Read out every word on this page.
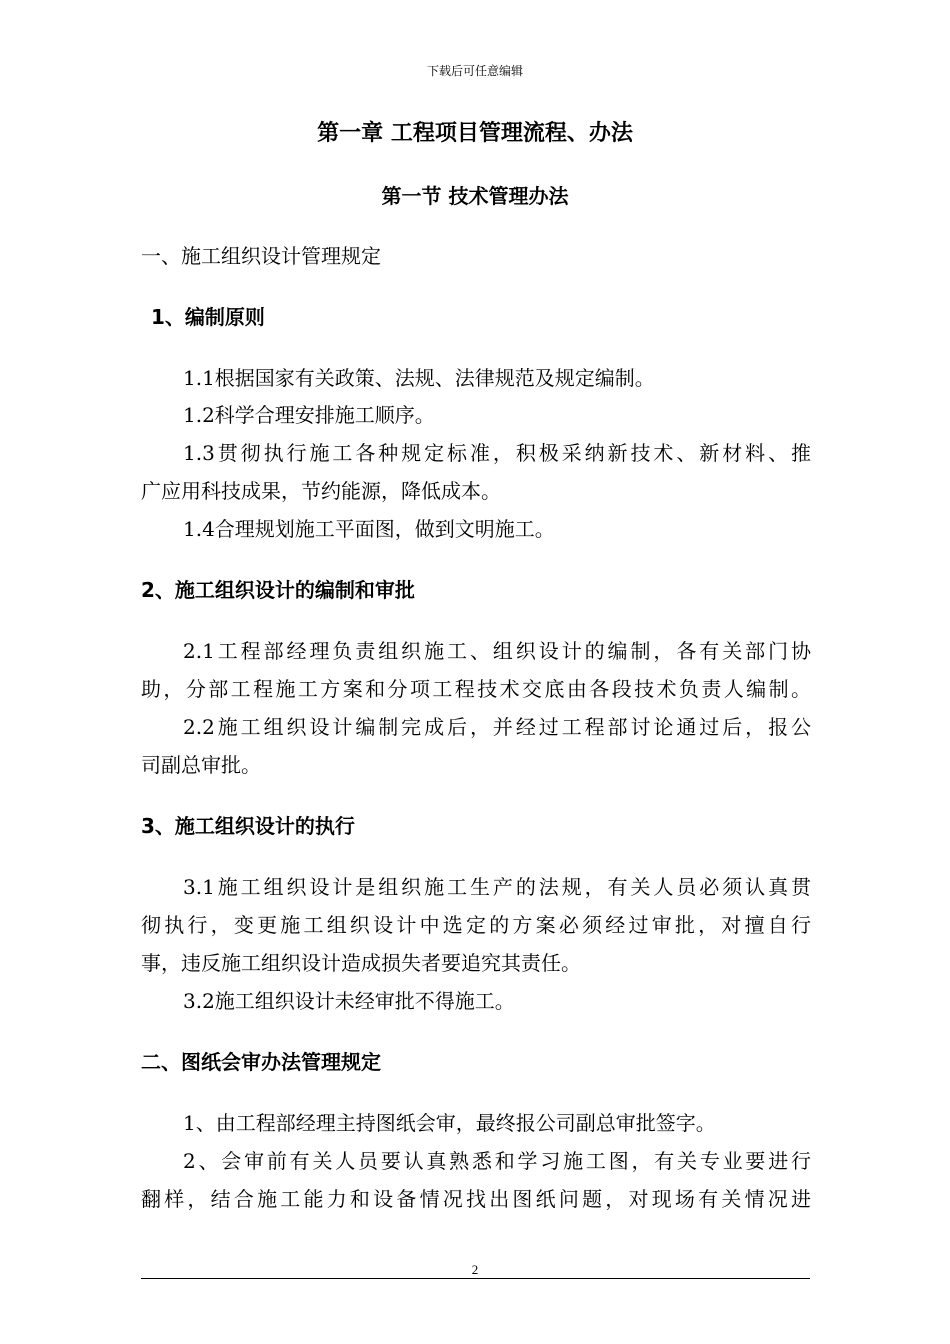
下载后可任意编辑
第一章 工程项目管理流程、办法
第一节 技术管理办法
一、施工组织设计管理规定
1、编制原则
1.1根据国家有关政策、法规、法律规范及规定编制。
1.2科学合理安排施工顺序。
1.3贯彻执行施工各种规定标准，积极采纳新技术、新材料、推
广应用科技成果，节约能源，降低成本。
1.4合理规划施工平面图，做到文明施工。
2、施工组织设计的编制和审批
2.1工程部经理负责组织施工、组织设计的编制，各有关部门协
助，分部工程施工方案和分项工程技术交底由各段技术负责人编制。
2.2施工组织设计编制完成后，并经过工程部讨论通过后，报公
司副总审批。
3、施工组织设计的执行
3.1施工组织设计是组织施工生产的法规，有关人员必须认真贯
彻执行，变更施工组织设计中选定的方案必须经过审批，对擅自行
事，违反施工组织设计造成损失者要追究其责任。
3.2施工组织设计未经审批不得施工。
二、图纸会审办法管理规定
1、由工程部经理主持图纸会审，最终报公司副总审批签字。
2、会审前有关人员要认真熟悉和学习施工图，有关专业要进行
翻样，结合施工能力和设备情况找出图纸问题，对现场有关情况进
2
